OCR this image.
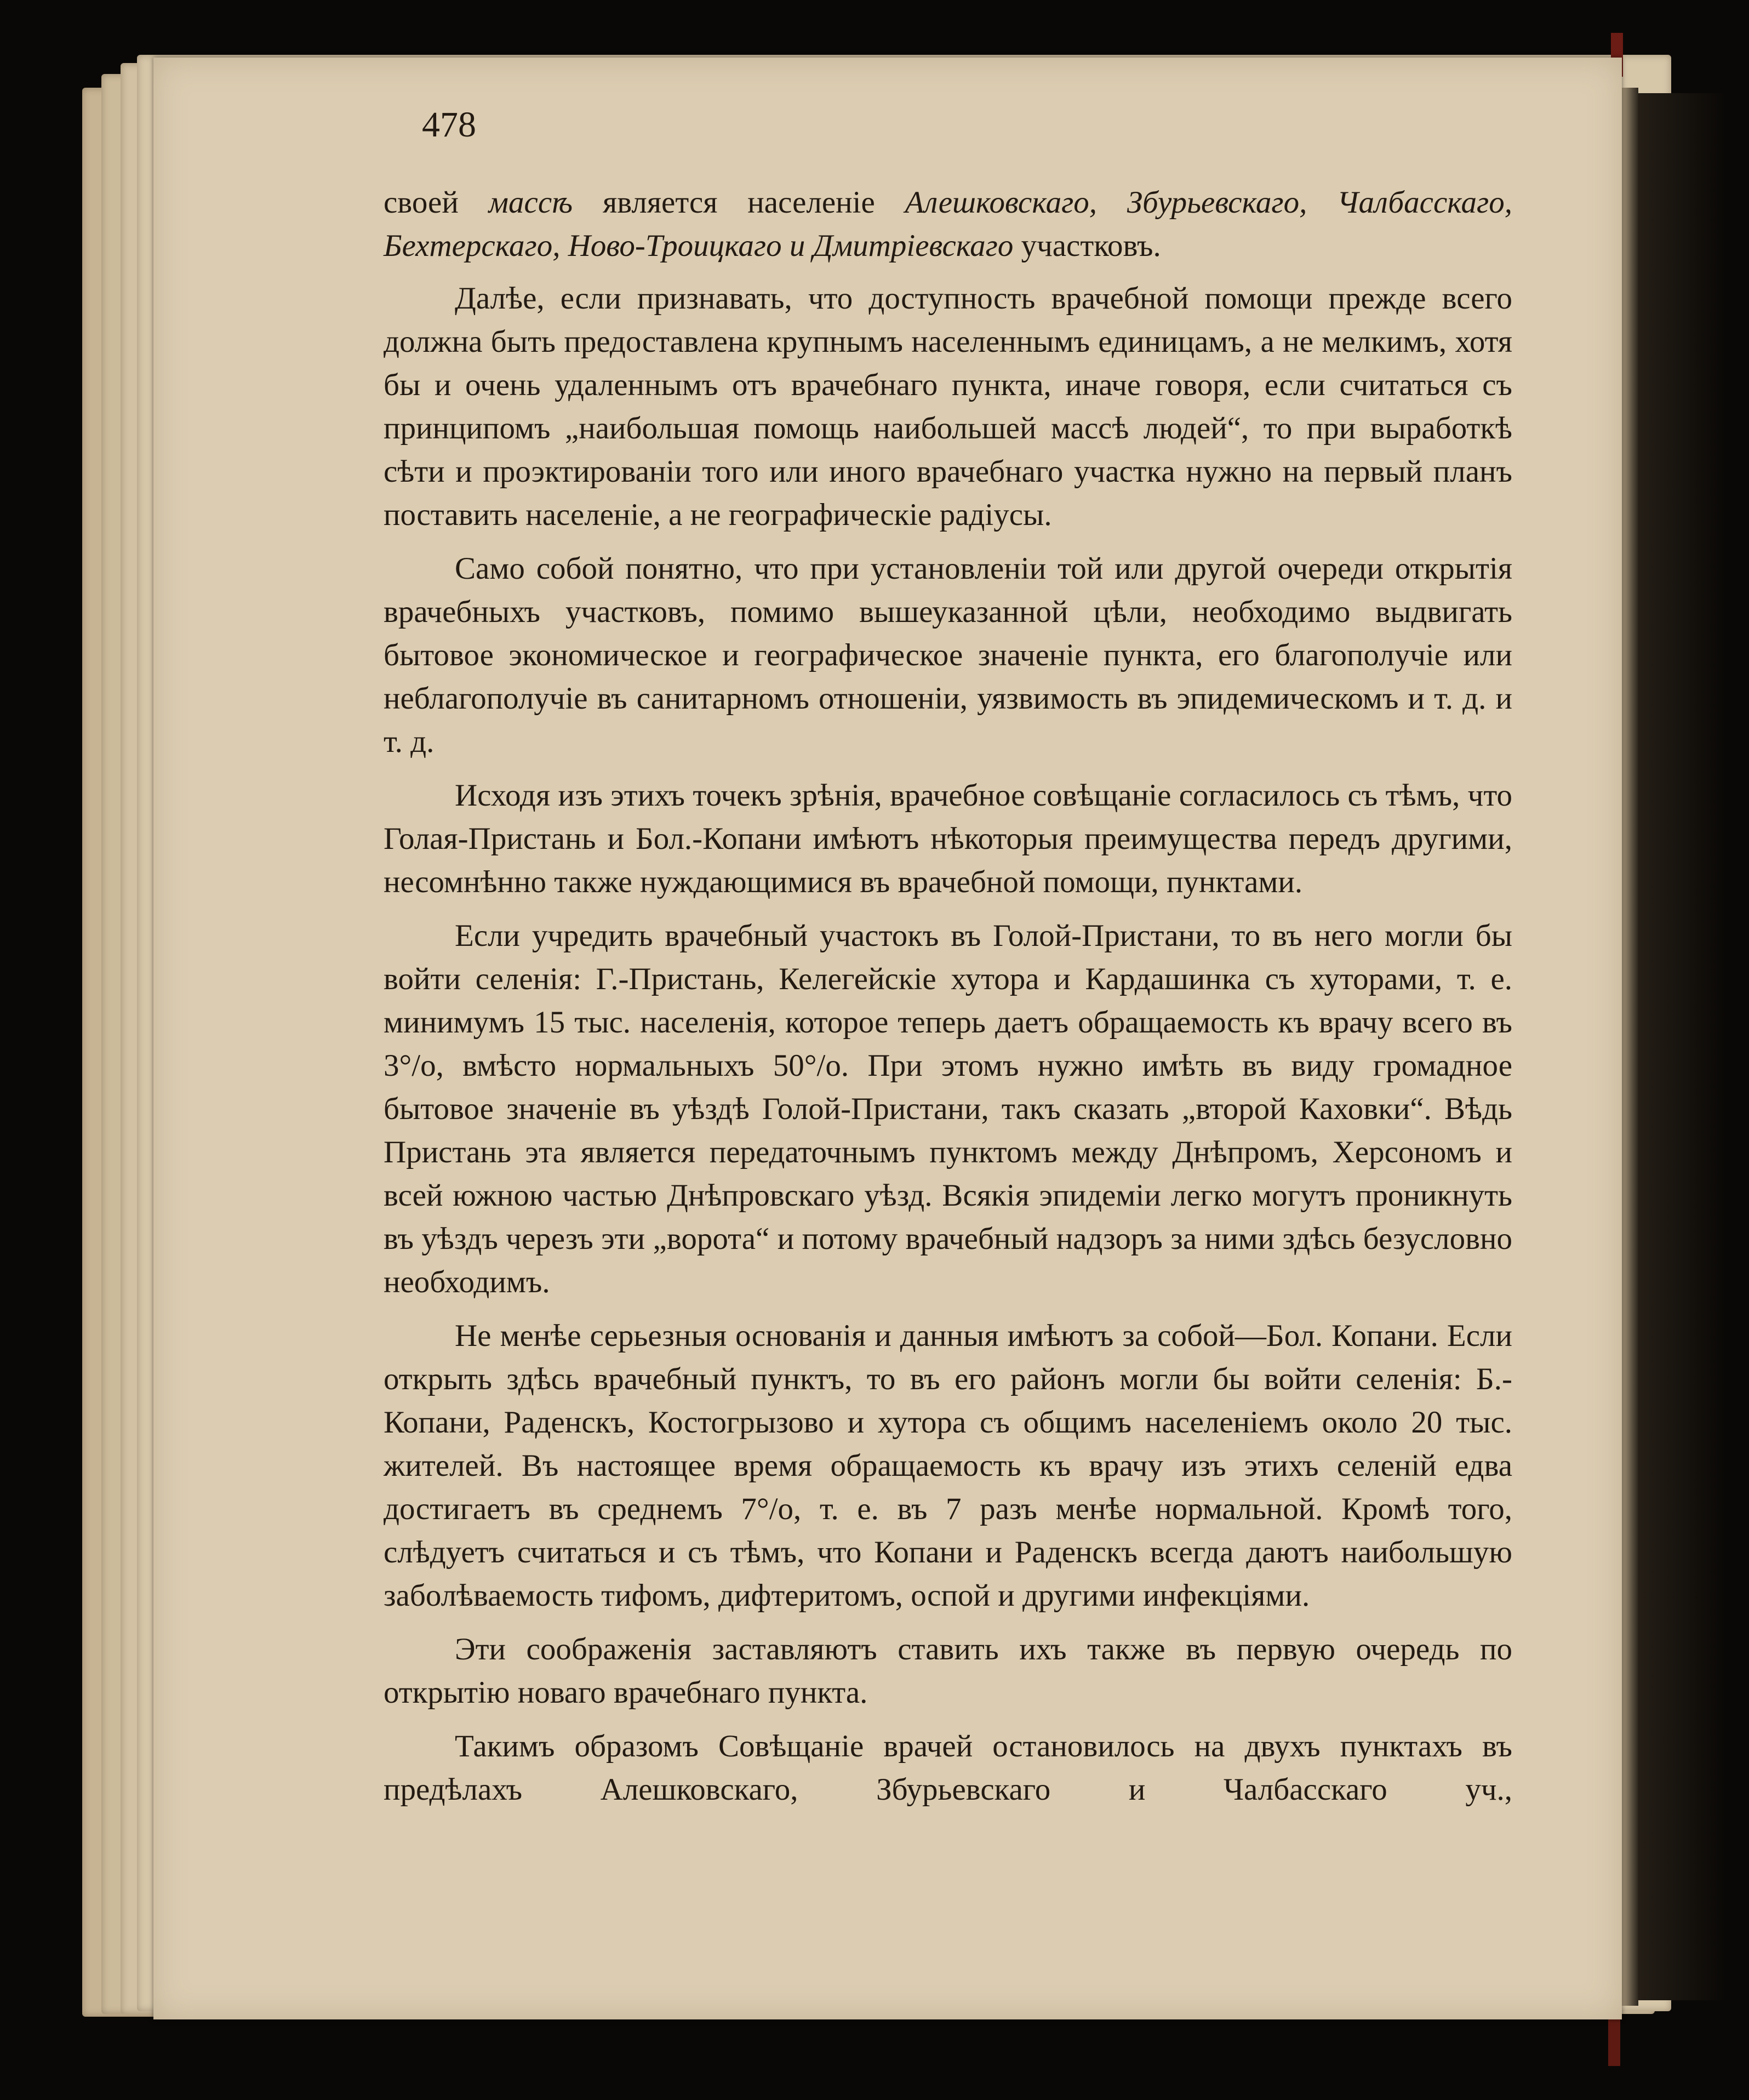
478

своей массѣ является населеніе Алешковскаго, Збурьевскаго, Чалбасскаго, Бехтерскаго, Ново-Троицкаго и Дмитріевскаго участковъ.

Далѣе, если признавать, что доступность врачебной помощи прежде всего должна быть предоставлена крупнымъ населеннымъ единицамъ, а не мелкимъ, хотя бы и очень удаленнымъ отъ врачебнаго пункта, иначе говоря, если считаться съ принципомъ „наибольшая помощь наибольшей массѣ людей“, то при выработкѣ сѣти и проэктированіи того или иного врачебнаго участка нужно на первый планъ поставить населеніе, а не географическіе радіусы.

Само собой понятно, что при установленіи той или другой очереди открытія врачебныхъ участковъ, помимо вышеуказанной цѣли, необходимо выдвигать бытовое экономическое и географическое значеніе пункта, его благополучіе или неблагополучіе въ санитарномъ отношеніи, уязвимость въ эпидемическомъ и т. д. и т. д.

Исходя изъ этихъ точекъ зрѣнія, врачебное совѣщаніе согласилось съ тѣмъ, что Голая-Пристань и Бол.-Копани имѣютъ нѣкоторыя преимущества передъ другими, несомнѣнно также нуждающимися въ врачебной помощи, пунктами.

Если учредить врачебный участокъ въ Голой-Пристани, то въ него могли бы войти селенія: Г.-Пристань, Келегейскіе хутора и Кардашинка съ хуторами, т. е. минимумъ 15 тыс. населенія, которое теперь даетъ обращаемость къ врачу всего въ 3°/о, вмѣсто нормальныхъ 50°/о. При этомъ нужно имѣть въ виду громадное бытовое значеніе въ уѣздѣ Голой-Пристани, такъ сказать „второй Каховки“. Вѣдь Пристань эта является передаточнымъ пунктомъ между Днѣпромъ, Херсономъ и всей южною частью Днѣпровскаго уѣзд. Всякія эпидеміи легко могутъ проникнуть въ уѣздъ черезъ эти „ворота“ и потому врачебный надзоръ за ними здѣсь безусловно необходимъ.

Не менѣе серьезныя основанія и данныя имѣютъ за собой—Бол. Копани. Если открыть здѣсь врачебный пунктъ, то въ его районъ могли бы войти селенія: Б.-Копани, Раденскъ, Костогрызово и хутора съ общимъ населеніемъ около 20 тыс. жителей. Въ настоящее время обращаемость къ врачу изъ этихъ селеній едва достигаетъ въ среднемъ 7°/о, т. е. въ 7 разъ менѣе нормальной. Кромѣ того, слѣдуетъ считаться и съ тѣмъ, что Копани и Раденскъ всегда даютъ наибольшую заболѣваемость тифомъ, дифтеритомъ, оспой и другими инфекціями.

Эти соображенія заставляютъ ставить ихъ также въ первую очередь по открытію новаго врачебнаго пункта.

Такимъ образомъ Совѣщаніе врачей остановилось на двухъ пунктахъ въ предѣлахъ Алешковскаго, Збурьевскаго и Чалбасскаго уч.,
